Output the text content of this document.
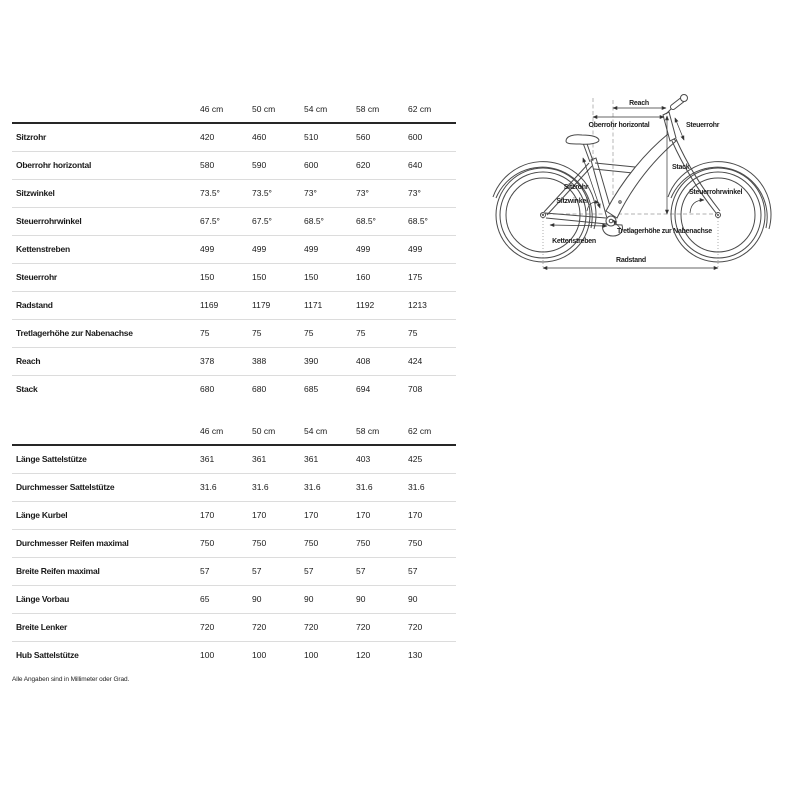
	46 cm	50 cm	54 cm	58 cm	62 cm
Sitzrohr	420	460	510	560	600
Oberrohr horizontal	580	590	600	620	640
Sitzwinkel	73.5°	73.5°	73°	73°	73°
Steuerrohrwinkel	67.5°	67.5°	68.5°	68.5°	68.5°
Kettenstreben	499	499	499	499	499
Steuerrohr	150	150	150	160	175
Radstand	1169	1179	1171	1192	1213
Tretlagerhöhe zur Nabenachse	75	75	75	75	75
Reach	378	388	390	408	424
Stack	680	680	685	694	708
	46 cm	50 cm	54 cm	58 cm	62 cm
Länge Sattelstütze	361	361	361	403	425
Durchmesser Sattelstütze	31.6	31.6	31.6	31.6	31.6
Länge Kurbel	170	170	170	170	170
Durchmesser Reifen maximal	750	750	750	750	750
Breite Reifen maximal	57	57	57	57	57
Länge Vorbau	65	90	90	90	90
Breite Lenker	720	720	720	720	720
Hub Sattelstütze	100	100	100	120	130
Alle Angaben sind in Millimeter oder Grad.
Reach
Oberrohr horizontal	Steuerrohr
Stack
Steuerrohrwinkel
Sitzrohr
Sitzwinkel
Kettenstreben
Tretlagerhöhe zur Nabenachse
Radstand
